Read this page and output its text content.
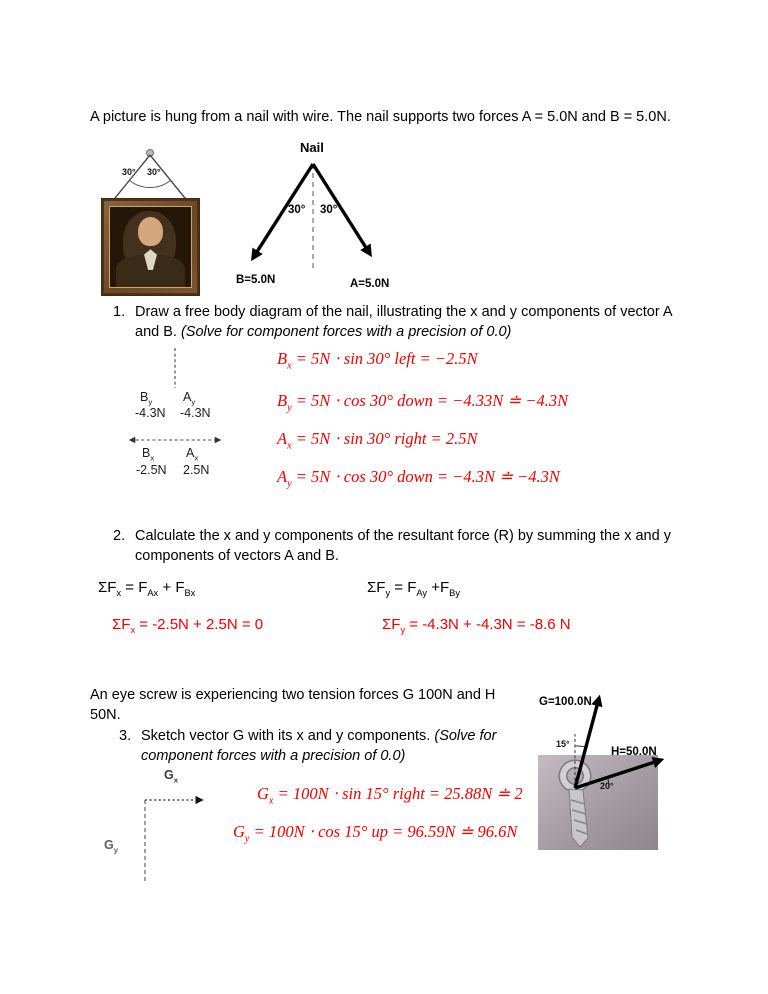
A picture is hung from a nail with wire. The nail supports two forces A = 5.0N and B = 5.0N.

30° 30°
Nail
30° 30°
B=5.0N	A=5.0N
1. Draw a free body diagram of the nail, illustrating the x and y components of vector A and B. (Solve for component forces with a precision of 0.0)

$B_y$ $A_y$
-4.3N -4.3N
$B_x$	$A_x$
-2.5N 2.5N

$B_x = 5N \cdot \sin 30^\circ$ left = −2.5N

$B_y = 5N \cdot \cos 30^\circ$ down = −4.33N ≐ −4.3N

$A_x = 5N \cdot \sin 30^\circ$ right = 2.5N

$A_y = 5N \cdot \cos 30^\circ$ down = −4.3N ≐ −4.3N

2. Calculate the x and y components of the resultant force (R) by summing the x and y components of vectors A and B.

$\Sigma F_x = F_{Ax} + F_{Bx}$	$\Sigma F_y = F_{Ay} +F_{By}$

$\Sigma F_x = -2.5N + 2.5N = 0$	$\Sigma F_y = -4.3N + -4.3N = -8.6$ N

An eye screw is experiencing two tension forces G 100N and H 50N.

3. Sketch vector G with its x and y components. (Solve for component forces with a precision of 0.0)

$G_x$
$G_y$

$G_x = 100N \cdot \sin 15^\circ$ right = 25.88N ≐ 2

$G_y = 100N \cdot \cos 15^\circ$ up = 96.59N ≐ 96.6N

G=100.0N
H=50.0N
15°
20°
